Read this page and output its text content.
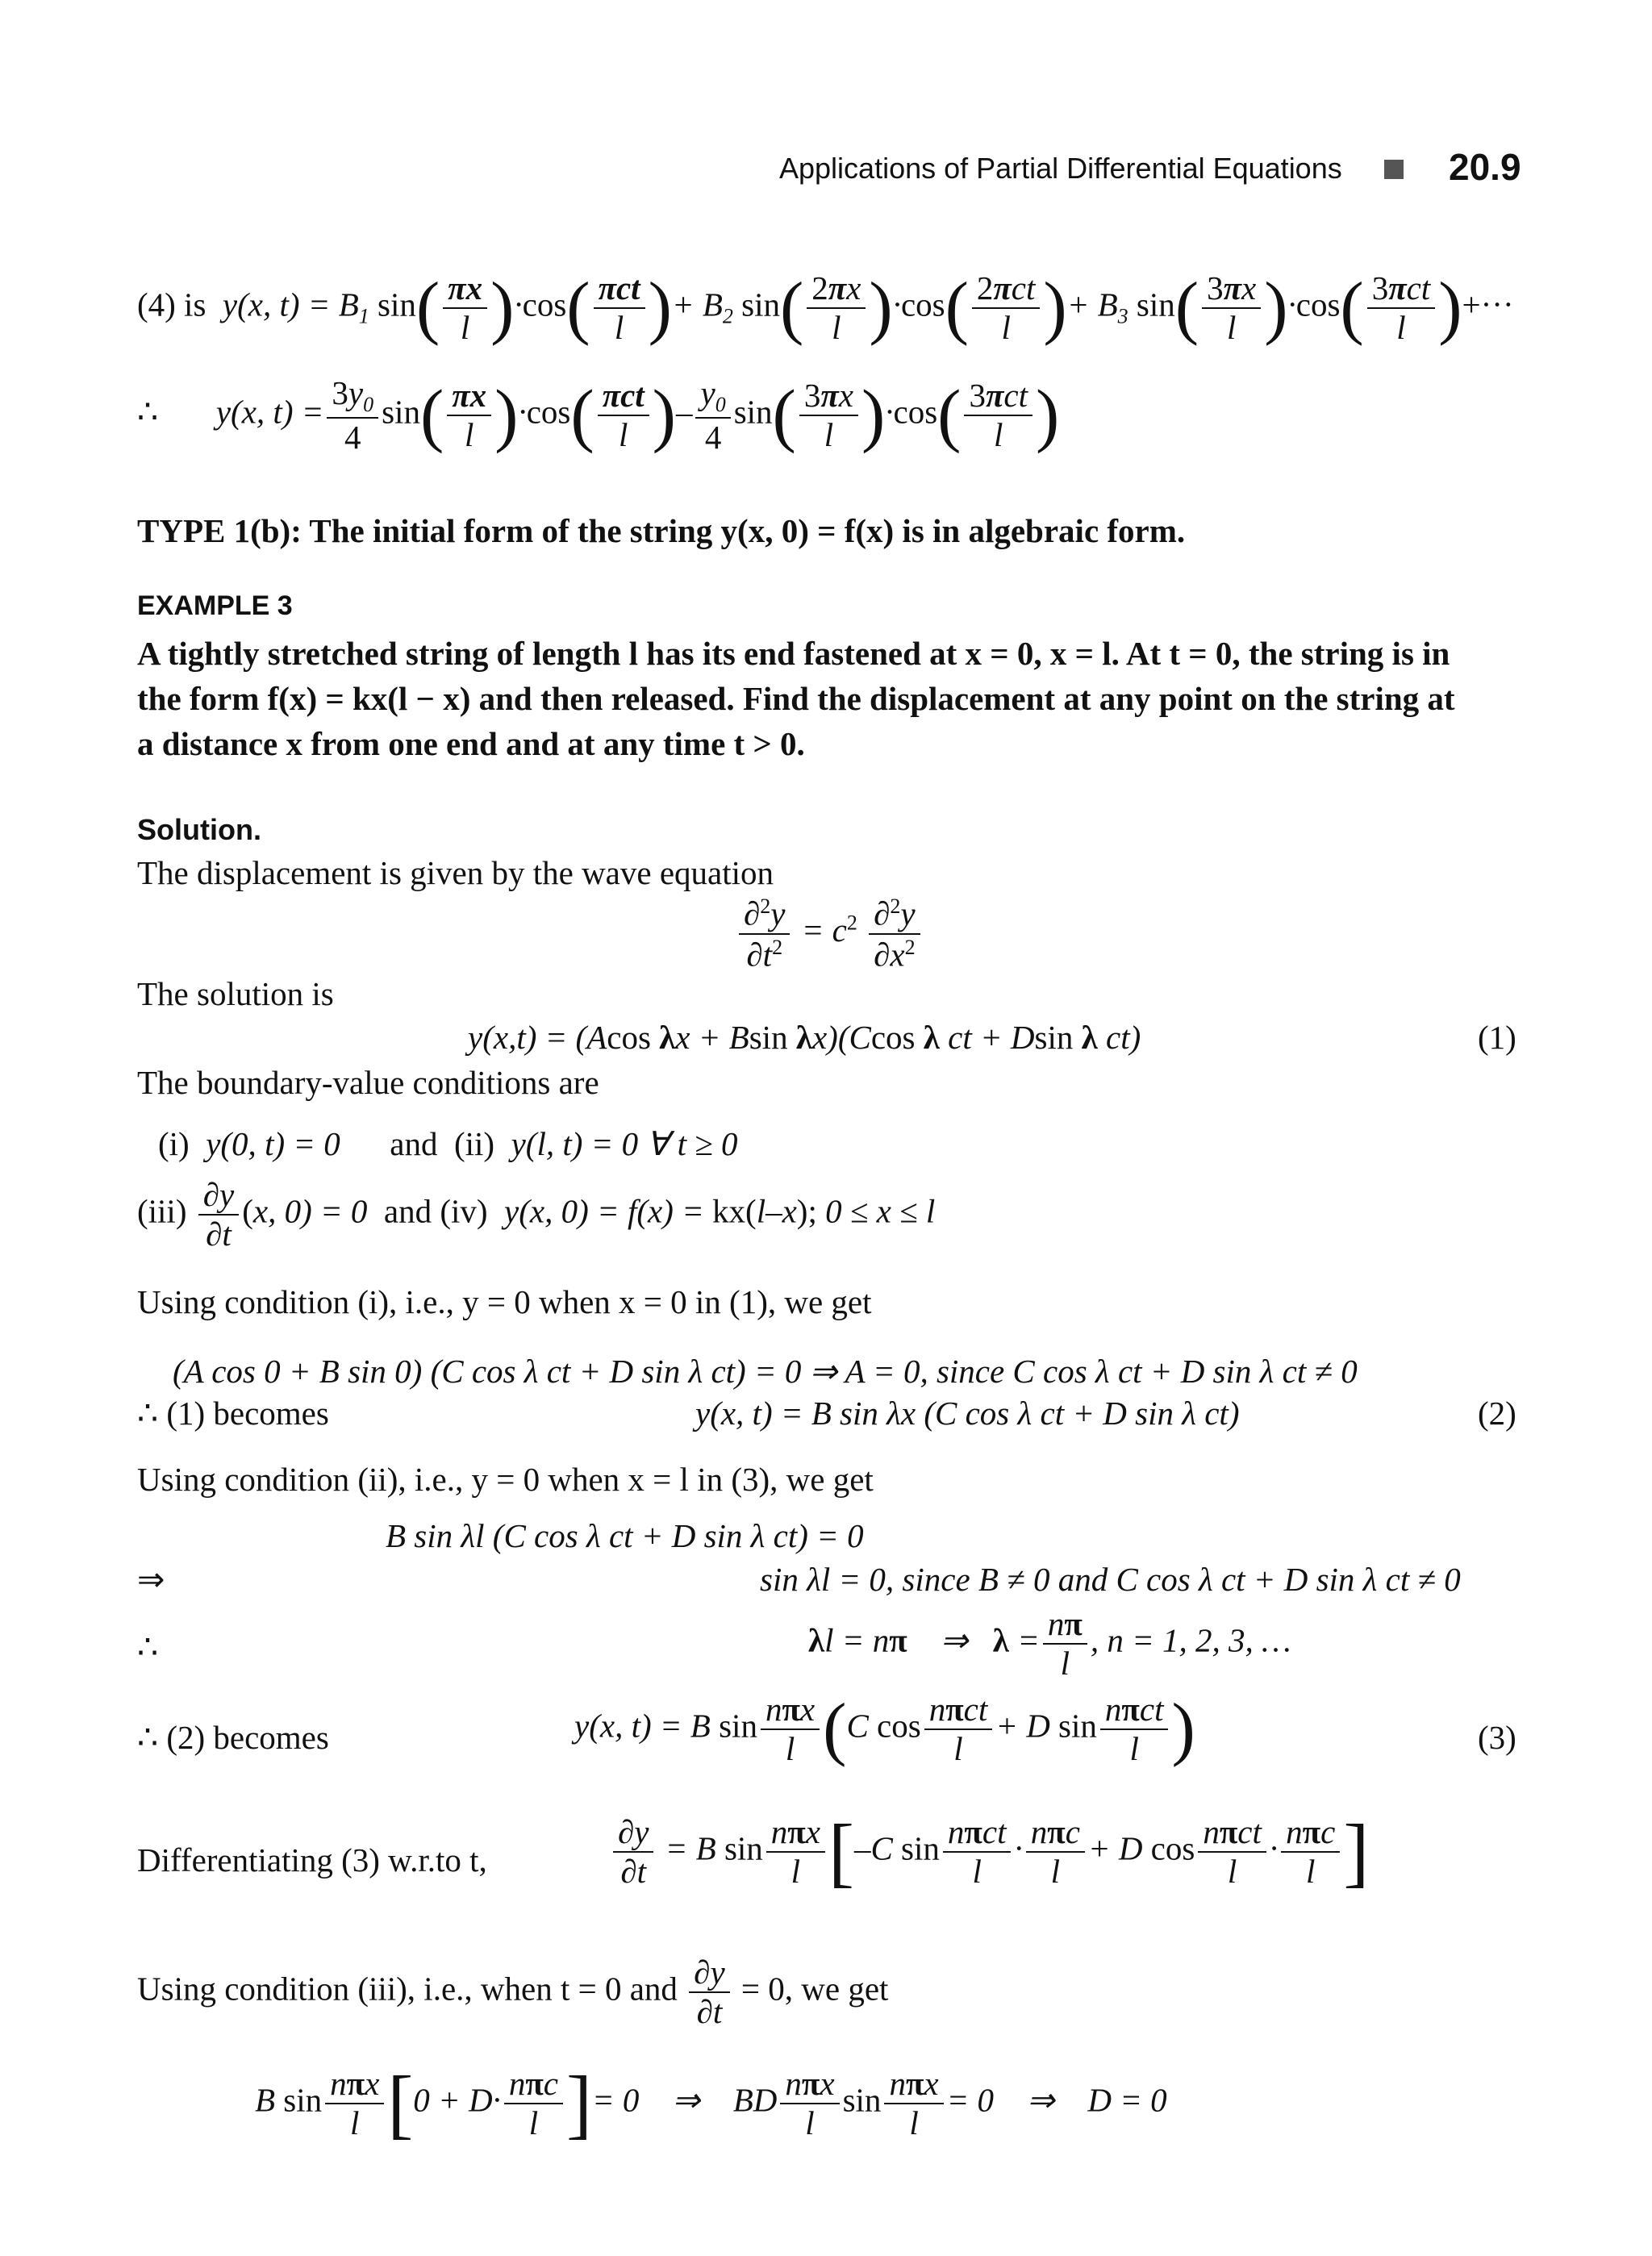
Applications of Partial Differential Equations	20.9
(4) is  y(x, $t) = B_1$ $\sin( \frac{\pi x}{l} )\cdot\cos( \frac{\text{πct}}{l}$ )+ $B_2$ $\sin( \frac{2\pi x}{l} )\cdot\cos( \frac{\text{2πct}}{l}$ )+ $B_3$ $\sin( \frac{3\pi x}{l} )\cdot\cos( \frac{\text{3πct}}{l}$ )+···
∴ y(x, $t) = \frac{3y_0}{4} \sin( \frac{\pi x}{l} )\cdot\cos( \frac{\text{πct}}{l}$ )– $\frac{y_0}{4} \sin( \frac{3\pi x}{l} )\cdot\cos( \frac{\text{3πct}}{l}$ )
TYPE 1(b): The initial form of the string y(x, 0) = f(x) is in algebraic form.
EXAMPLE 3
A tightly stretched string of length l has its end fastened at x = 0, x = l. At t = 0, the string is in
the form f(x) = kx(l − x) and then released. Find the displacement at any point on the string at
a distance x from one end and at any time t > 0.
Solution.
The displacement is given by the wave equation
$\frac{\partial^2y}{\partial t^2} = c^2 \frac{\partial^2y}{\partial x^2}$
The solution is
y(x,t) = (Acos λx + Bsin λx)(Ccos λ ct + Dsin λ ct)	(1)
The boundary-value conditions are
(i) y(0, t) = 0      and (ii) y(l, t) = 0 ∀ t ≥ 0
$(iii) \frac{\partial y}{\partial t} (x$, 0) = 0  and (iv) y(x, 0) = f(x) = kx(l–x); 0 ≤ x ≤ l
Using condition (i), i.e., y = 0 when x = 0 in (1), we get
(A cos 0 + B sin 0) (C cos λ ct + D sin λ ct) = 0 ⇒ A = 0, since C cos λ ct + D sin λ ct ≠ 0
∴ (1) becomes	y(x, t) = B sin λx (C cos λ ct + D sin λ ct)	(2)
Using condition (ii), i.e., y = 0 when x = l in (3), we get
B sin λl (C cos λ ct + D sin λ ct) = 0
⇒	sin λl = 0, since B ≠ 0 and C cos λ ct + D sin λ ct ≠ 0
∴	λl = nπ    ⇒   $\lambda = \frac{n\pi}{l}$ , n = 1, 2, 3, …
∴ (2) becomes	y(x, t) = B $\sin \frac{\text{nπx}}{l} (C$ $\cos \frac{\text{nπct}}{l} + D$ $\sin \frac{\text{nπct}}{l}$ )	(3)
Differentiating (3) w.r.to t,	$\frac{\partial y}{\partial t} = B$ $\sin \frac{\text{nπx}}{l} [-C$ $\sin \frac{\text{nπct}}{l} \cdot \frac{\text{nπc}}{l} + D$ $\cos \frac{\text{nπct}}{l} \cdot \frac{\text{nπc}}{l}$ ]
Using condition (iii), i.e., when t = 0 and $\frac{\partial y}{\partial t} = 0$, we get
B $\sin \frac{\text{nπx}}{l} [0 + D\cdot \frac{\text{nπc}}{l}$ ]= 0    ⇒    BD $\frac{\text{nπx}}{l}$ $\sin \frac{\text{nπx}}{l} = 0$    ⇒    D = 0
